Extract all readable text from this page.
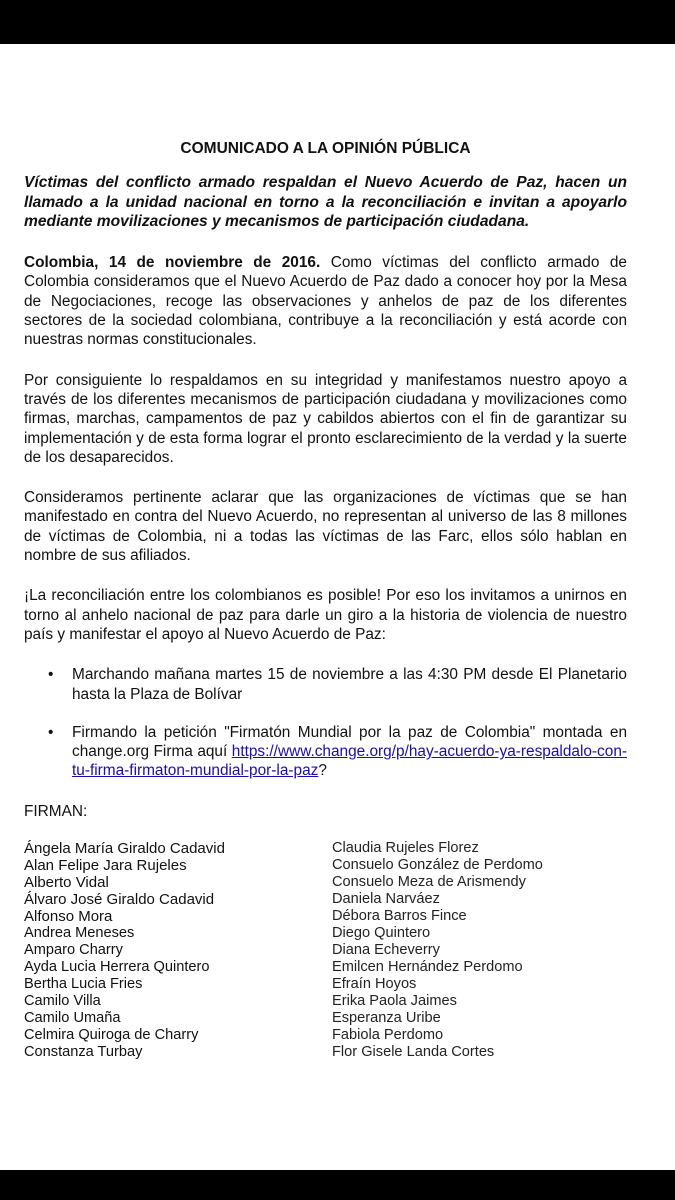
COMUNICADO A LA OPINIÓN PÚBLICA
Víctimas del conflicto armado respaldan el Nuevo Acuerdo de Paz, hacen un llamado a la unidad nacional en torno a la reconciliación e invitan a apoyarlo mediante movilizaciones y mecanismos de participación ciudadana.
Colombia, 14 de noviembre de 2016. Como víctimas del conflicto armado de Colombia consideramos que el Nuevo Acuerdo de Paz dado a conocer hoy por la Mesa de Negociaciones, recoge las observaciones y anhelos de paz de los diferentes sectores de la sociedad colombiana, contribuye a la reconciliación y está acorde con nuestras normas constitucionales.
Por consiguiente lo respaldamos en su integridad y manifestamos nuestro apoyo a través de los diferentes mecanismos de participación ciudadana y movilizaciones como firmas, marchas, campamentos de paz y cabildos abiertos con el fin de garantizar su implementación y de esta forma lograr el pronto esclarecimiento de la verdad y la suerte de los desaparecidos.
Consideramos pertinente aclarar que las organizaciones de víctimas que se han manifestado en contra del Nuevo Acuerdo, no representan al universo de las 8 millones de víctimas de Colombia, ni a todas las víctimas de las Farc, ellos sólo hablan en nombre de sus afiliados.
¡La reconciliación entre los colombianos es posible! Por eso los invitamos a unirnos en torno al anhelo nacional de paz para darle un giro a la historia de violencia de nuestro país y manifestar el apoyo al Nuevo Acuerdo de Paz:
• Marchando mañana martes 15 de noviembre a las 4:30 PM desde El Planetario hasta la Plaza de Bolívar
• Firmando la petición "Firmatón Mundial por la paz de Colombia" montada en change.org Firma aquí https://www.change.org/p/hay-acuerdo-ya-respaldalo-con-tu-firma-firmaton-mundial-por-la-paz?
FIRMAN:
Ángela María Giraldo Cadavid
Alan Felipe Jara Rujeles
Alberto Vidal
Álvaro José Giraldo Cadavid
Alfonso Mora
Andrea Meneses
Amparo Charry
Ayda Lucia Herrera Quintero
Bertha Lucia Fries
Camilo Villa
Camilo Umaña
Celmira Quiroga de Charry
Constanza Turbay
Claudia Rujeles Florez
Consuelo González de Perdomo
Consuelo Meza de Arismendy
Daniela Narváez
Débora Barros Fince
Diego Quintero
Diana Echeverry
Emilcen Hernández Perdomo
Efraín Hoyos
Erika Paola Jaimes
Esperanza Uribe
Fabiola Perdomo
Flor Gisele Landa Cortes
